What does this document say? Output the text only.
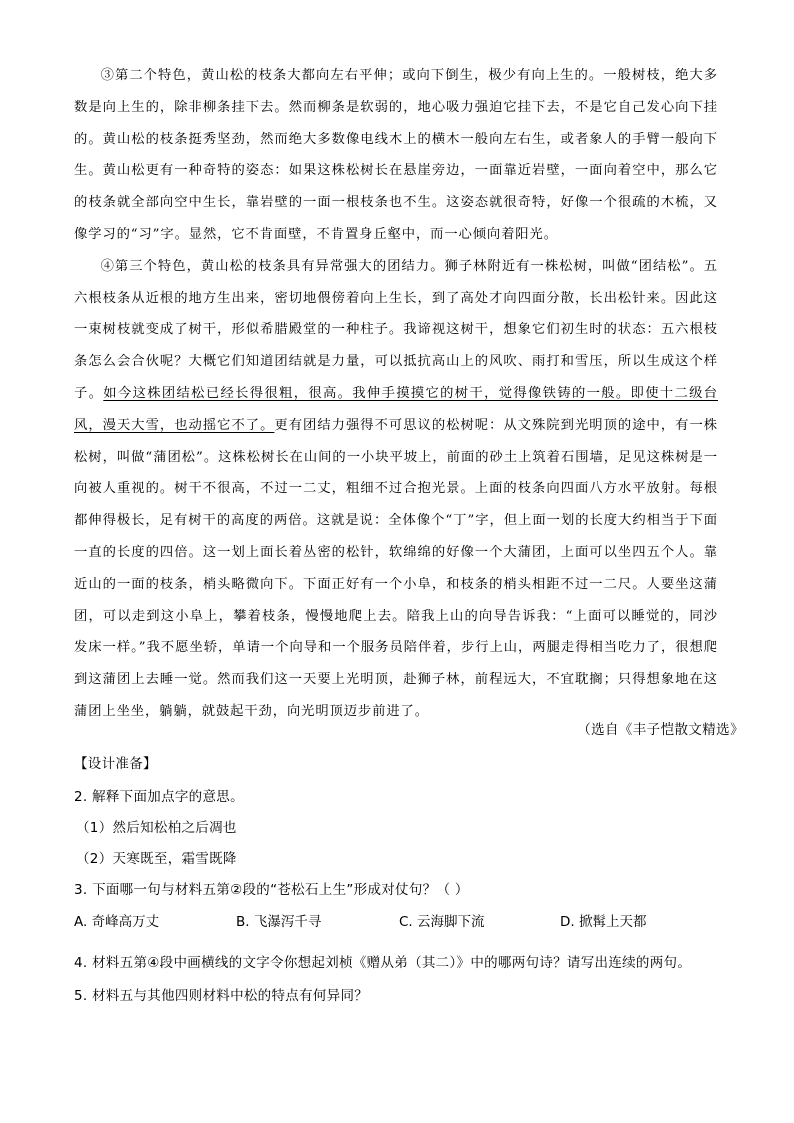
③第二个特色，黄山松的枝条大都向左右平伸；或向下倒生，极少有向上生的。一般树枝，绝大多数是向上生的，除非柳条挂下去。然而柳条是软弱的，地心吸力强迫它挂下去，不是它自己发心向下挂的。黄山松的枝条挺秀坚劲，然而绝大多数像电线木上的横木一般向左右生，或者象人的手臂一般向下生。黄山松更有一种奇特的姿态：如果这株松树长在悬崖旁边，一面靠近岩壁，一面向着空中，那么它的枝条就全部向空中生长，靠岩壁的一面一根枝条也不生。这姿态就很奇特，好像一个很疏的木梳，又像学习的“习”字。显然，它不肯面壁，不肯置身丘壑中，而一心倾向着阳光。

④第三个特色，黄山松的枝条具有异常强大的团结力。狮子林附近有一株松树，叫做“团结松”。五六根枝条从近根的地方生出来，密切地偎傍着向上生长，到了高处才向四面分散，长出松针来。因此这一束树枝就变成了树干，形似希腊殿堂的一种柱子。我谛视这树干，想象它们初生时的状态：五六根枝条怎么会合伙呢？大概它们知道团结就是力量，可以抵抗高山上的风吹、雨打和雪压，所以生成这个样子。如今这株团结松已经长得很粗，很高。我伸手摸摸它的树干，觉得像铁铸的一般。即使十二级台风，漫天大雪，也动摇它不了。更有团结力强得不可思议的松树呢：从文殊院到光明顶的途中，有一株松树，叫做“蒲团松”。这株松树长在山间的一小块平坡上，前面的砂土上筑着石围墙，足见这株树是一向被人重视的。树干不很高，不过一二丈，粗细不过合抱光景。上面的枝条向四面八方水平放射。每根都伸得极长，足有树干的高度的两倍。这就是说：全体像个“丁”字，但上面一划的长度大约相当于下面一直的长度的四倍。这一划上面长着丛密的松针，软绵绵的好像一个大蒲团，上面可以坐四五个人。靠近山的一面的枝条，梢头略微向下。下面正好有一个小阜，和枝条的梢头相距不过一二尺。人要坐这蒲团，可以走到这小阜上，攀着枝条，慢慢地爬上去。陪我上山的向导告诉我：“上面可以睡觉的，同沙发床一样。”我不愿坐轿，单请一个向导和一个服务员陪伴着，步行上山，两腿走得相当吃力了，很想爬到这蒲团上去睡一觉。然而我们这一天要上光明顶，赴狮子林，前程远大，不宜耽搁；只得想象地在这蒲团上坐坐，躺躺，就鼓起干劲，向光明顶迈步前进了。

（选自《丰子恺散文精选》
【设计准备】
2. 解释下面加点字的意思。
（1）然后知松柏之后凋也
（2）天寒既至，霜雪既降
3. 下面哪一句与材料五第②段的“苍松石上生”形成对仗句？（ ）
A. 奇峰高万丈	B. 飞瀑泻千寻	C. 云海脚下流	D. 掀髯上天都
4. 材料五第④段中画横线的文字令你想起刘桢《赠从弟（其二）》中的哪两句诗？请写出连续的两句。
5. 材料五与其他四则材料中松的特点有何异同？
